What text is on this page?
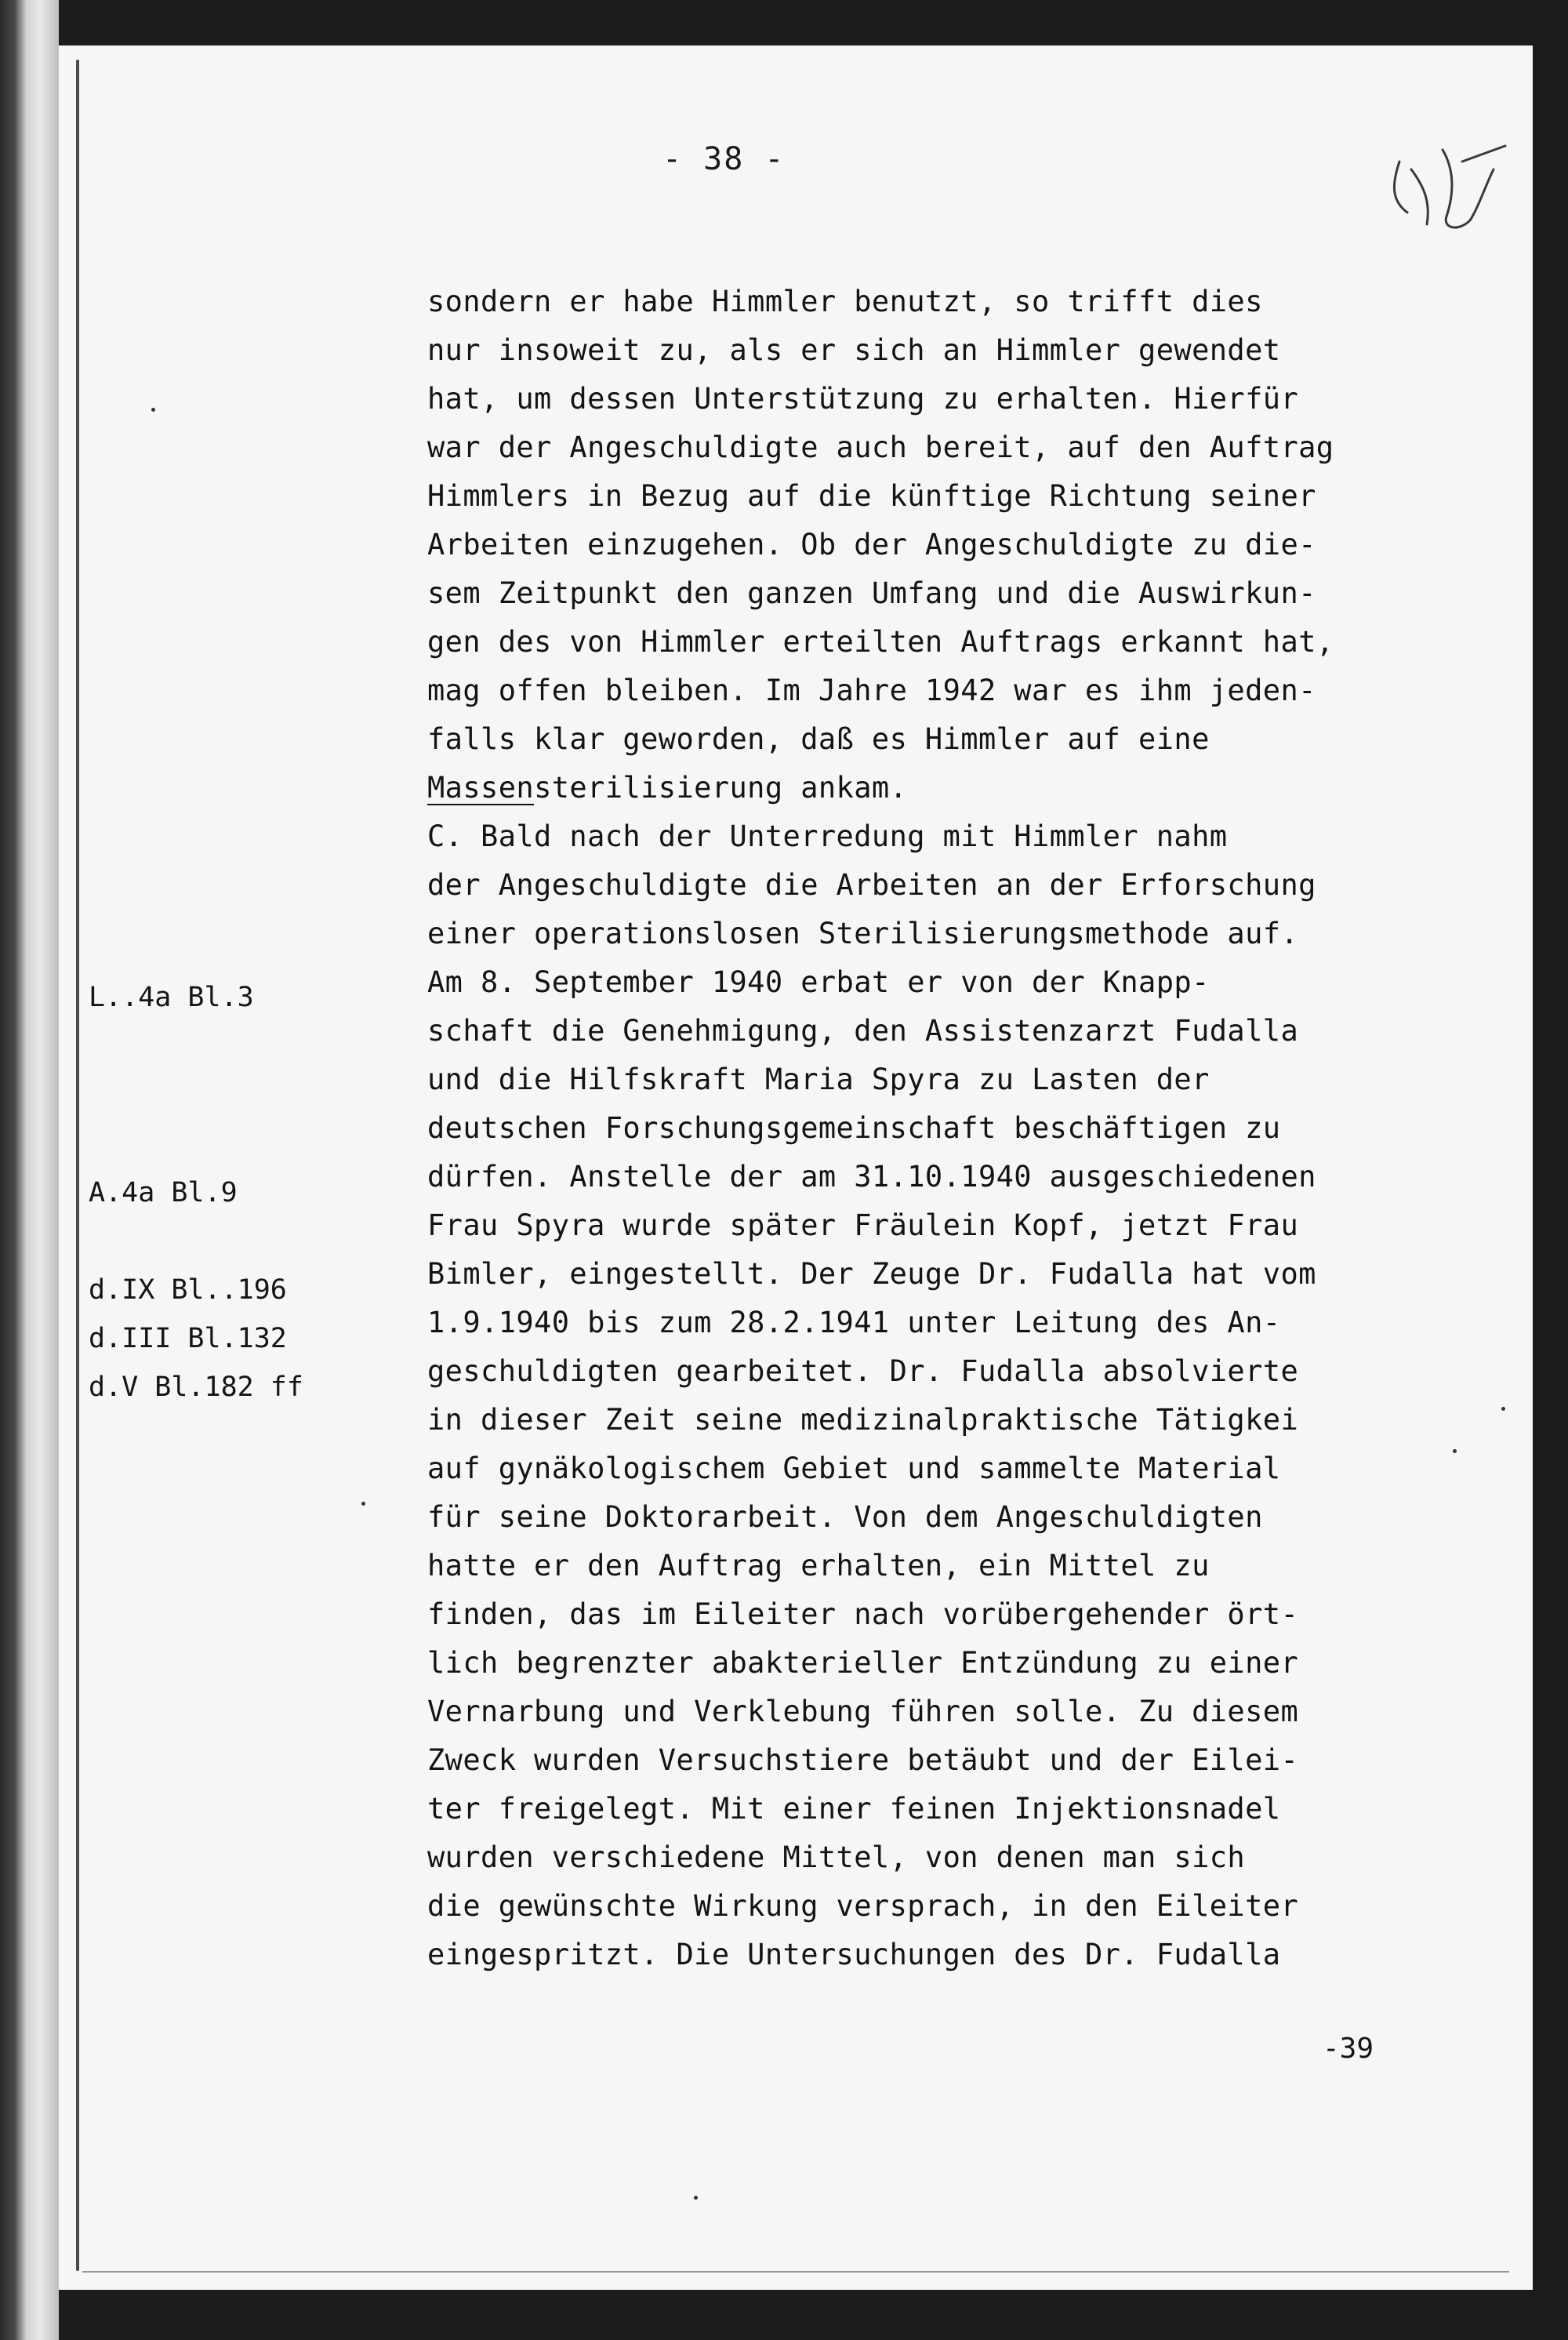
- 38 -
sondern er habe Himmler benutzt, so trifft dies
nur insoweit zu, als er sich an Himmler gewendet
hat, um dessen Unterstützung zu erhalten. Hierfür
war der Angeschuldigte auch bereit, auf den Auftrag
Himmlers in Bezug auf die künftige Richtung seiner
Arbeiten einzugehen. Ob der Angeschuldigte zu die-
sem Zeitpunkt den ganzen Umfang und die Auswirkun-
gen des von Himmler erteilten Auftrags erkannt hat,
mag offen bleiben. Im Jahre 1942 war es ihm jeden-
falls klar geworden, daß es Himmler auf eine
Massensterilisierung ankam.
C. Bald nach der Unterredung mit Himmler nahm
der Angeschuldigte die Arbeiten an der Erforschung
einer operationslosen Sterilisierungsmethode auf.
Am 8. September 1940 erbat er von der Knapp-
schaft die Genehmigung, den Assistenzarzt Fudalla
und die Hilfskraft Maria Spyra zu Lasten der
deutschen Forschungsgemeinschaft beschäftigen zu
dürfen. Anstelle der am 31.10.1940 ausgeschiedenen
Frau Spyra wurde später Fräulein Kopf, jetzt Frau
Bimler, eingestellt. Der Zeuge Dr. Fudalla hat vom
1.9.1940 bis zum 28.2.1941 unter Leitung des An-
geschuldigten gearbeitet. Dr. Fudalla absolvierte
in dieser Zeit seine medizinalpraktische Tätigkei
auf gynäkologischem Gebiet und sammelte Material
für seine Doktorarbeit. Von dem Angeschuldigten
hatte er den Auftrag erhalten, ein Mittel zu
finden, das im Eileiter nach vorübergehender ört-
lich begrenzter abakterieller Entzündung zu einer
Vernarbung und Verklebung führen solle. Zu diesem
Zweck wurden Versuchstiere betäubt und der Eilei-
ter freigelegt. Mit einer feinen Injektionsnadel
wurden verschiedene Mittel, von denen man sich
die gewünschte Wirkung versprach, in den Eileiter
eingespritzt. Die Untersuchungen des Dr. Fudalla
L..4a Bl.3
A.4a Bl.9
d.IX Bl..196
d.III Bl.132
d.V Bl.182 ff
-39
